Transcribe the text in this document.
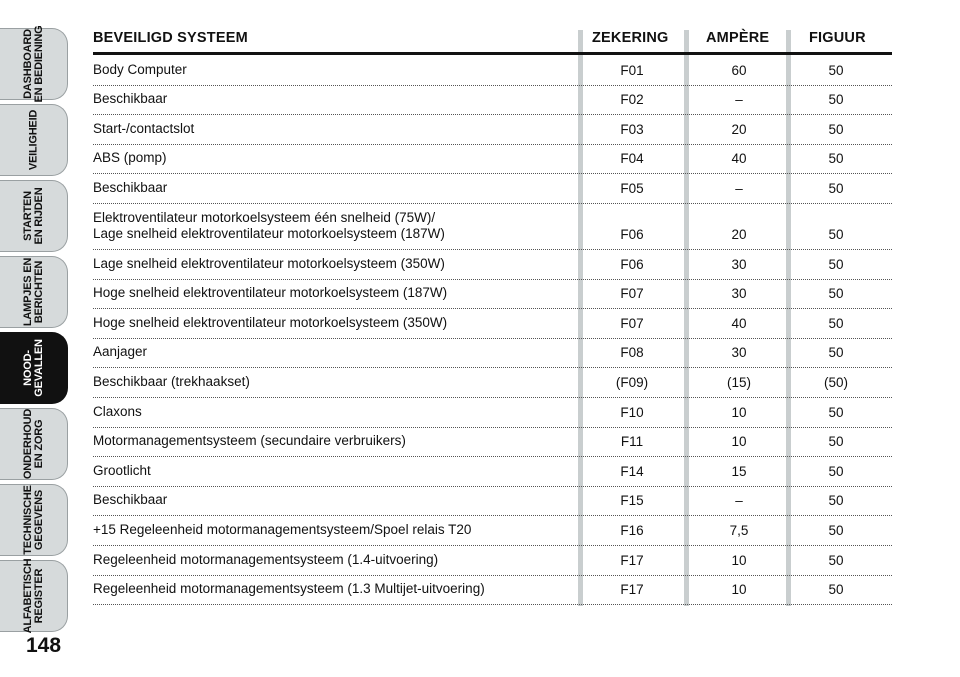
DASHBOARD
EN BEDIENING
VEILIGHEID
STARTEN
EN RIJDEN
LAMPJES EN
BERICHTEN
NOOD-
GEVALLEN
ONDERHOUD
EN ZORG
TECHNISCHE
GEGEVENS
ALFABETISCH
REGISTER
BEVEILIGD SYSTEEM	ZEKERING	AMPÈRE	FIGUUR
Body Computer	F01	60	50
Beschikbaar	F02	–	50
Start-/contactslot	F03	20	50
ABS (pomp)	F04	40	50
Beschikbaar	F05	–	50
Elektroventilateur motorkoelsysteem één snelheid (75W)/
Lage snelheid elektroventilateur motorkoelsysteem (187W)	F06	20	50
Lage snelheid elektroventilateur motorkoelsysteem (350W)	F06	30	50
Hoge snelheid elektroventilateur motorkoelsysteem (187W)	F07	30	50
Hoge snelheid elektroventilateur motorkoelsysteem (350W)	F07	40	50
Aanjager	F08	30	50
Beschikbaar (trekhaakset)	(F09)	(15)	(50)
Claxons	F10	10	50
Motormanagementsysteem (secundaire verbruikers)	F11	10	50
Grootlicht	F14	15	50
Beschikbaar	F15	–	50
+15 Regeleenheid motormanagementsysteem/Spoel relais T20	F16	7,5	50
Regeleenheid motormanagementsysteem (1.4-uitvoering)	F17	10	50
Regeleenheid motormanagementsysteem (1.3 Multijet-uitvoering)	F17	10	50
148
